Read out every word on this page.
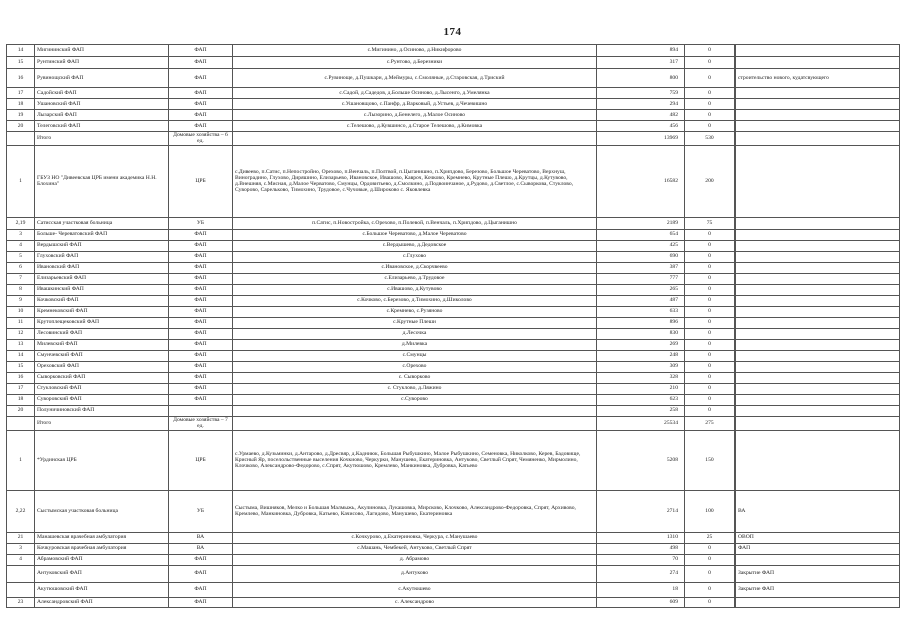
174
14	Мигининский ФАП	ФАП	с.Мигинино, д.Осиново, д.Никифорово	894	0		
15	Рунтинский ФАП	ФАП	с.Рунтово, д.Березники	317	0		
16	Рувинощский ФАП	ФАП	с.Рувиноще, д.Пушкари, д.Меймуры, с.Смоляные, д.Старовская, д.Триский	800	0		строительство нового, кудатсвующего
17	Садойский ФАП	ФАП	с.Садой, д.Садедов, д.Больше Осиново, д.Лысенго, д.Умелянка	759	0		
18	Ушановский ФАП	ФАП	с.Ушановщово, с.Панфр, д.Варковый, д.Устьев, д.Чечевишно	294	0		
19	Лызарский ФАП	ФАП	с.Лызорино, д.Бенелего, д.Малое Осиново	482	0		
20	Телеговский ФАП	ФАП	с.Телешово, д.Кувшинсо, д.Старое Телешово, д.Кимовка	456	0		
	Итого	Домовые хозяйства – 6 ед.		13969	530		
1	ГБУЗ НО "Дивеевская ЦРБ имени академика Н.Н. Блохина"	ЦРБ	с.Дивеево, п.Сатис, п.Непостройно, Орехово, п.Венчаль, п.Полтвой, п.Цыганишно, п.Хрипдово, Березово, Большое Череватово, Верхнуш, Виноградино, Глухово, Диряшино, Елизарьево, Ивановское, Ивашово, Кавроч, Кочково, Кремнево, Крутные Плешо, д.Крутцы, д.Кутувово, д.Внешняя, с.Мисная, д.Малое Черватово, Смунцы, Ордовитьево, д.Смолкино, д.Подвоинчаное, д.Рудово, д.Светлое, с.Сыворкова, Стуклово, Суворово, Сарельково, Тимохино, Трудовое, с.Чучовые, д.Широково с. Яковлевка	16582	200		
2,19	Сатисская участковая больница	УБ	п.Сатис, п.Новостройка, с.Орехово, п.Полевой, п.Венчаль, п.Хрипдово, д.Цыганишно	2189	75		
3	Больше- Череватовский ФАП	ФАП	с.Большое Череватово, д.Малое Череватово	654	0		
4	Вердышский ФАП	ФАП	с.Вердышево, д.Дедовское	425	0		
5	Глуховский ФАП	ФАП	с.Глухово	690	0		
6	Ивановский ФАП	ФАП	с.Ивановское, д.Скорчвеево	387	0		
7	Елизарьевский ФАП	ФАП	с.Елизарьево, д.Трудовое	777	0		
8	Ивашкинский ФАП	ФАП	с.Ивашово, д.Кутувово	265	0		
9	Кочковский ФАП	ФАП	с.Кочково, с.Березово, д.Тимохино, д.Шиколово	487	0		
10	Кремнековский ФАП	ФАП	с.Кремнево, с.Рузяново	633	0		
11	Крутоплещековский ФАП	ФАП	с.Крутные Плеши	896	0		
12	Лесовинский ФАП	ФАП	д.Лесочка	830	0		
13	Милевский ФАП	ФАП	д.Милевка	269	0		
14	Смунчевский ФАП	ФАП	с.Смунцы	248	0		
15	Ореховский ФАП	ФАП	с.Орехово	309	0		
16	Сыворковский ФАП	ФАП	с. Сыворково	328	0		
17	Стукловский ФАП	ФАП	с. Стуклово, д.Ляжино	210	0		
18	Суворовский ФАП	ФАП	с.Суворово	623	0		
20	Полуничиновский ФАП			258	0		
	Итого	Домовые хозяйства – 7 ед.		25534	275		
1	*Урдинская ЦРБ	ЦРБ	с.Урмаево, д.Кузьминки, д.Антарово, д.Дресвяр, д.Кадниюк, Большая Рыбушкино, Малое Рыбушкино, Семеновка, Николково, Керев, Бадовище, Крисный Яр, поселольственные выселения Кочкиово, Черкурки, Манушево, Екатериновка, Антуково, Светлый Спрят, Чемяненко, Мирмолино, Клочково, Александрово-Федорово, с.Спрят, Акутюшово, Кремлево, Манкиновка, Дубровка, Катьево	5208	150		
2,22	Сыстымская участковая больница	УБ	Сыстыма, Вишняков, Мелко и Большая Малмыжь, Акулиновка, Лукашовка, Мирсково, Клочково, Александрово-Федоровка, Спрят, Архивово, Кремлево, Манкиновка, Дубровка, Катьево, Качисово, Лагидово, Манушево, Екатериновка	2714	100		ВА
21	Манашевская врачебная амбулатория	ВА	с.Кочкурово, д.Екатериновка, Черкура, с.Манушаево	1310	25		ОВОП
3	Кочкуровская врачебная амбулатория	ВА	с.Машань, Чембекей, Антуково, Светлый Спрят	498	0		ФАП
4	Абрамовский ФАП	ФАП	д. Абрамово	70	0		
	Антуковский ФАП	ФАП	д.Антуково	274	0		Закрытие ФАП
	Акутюшовский ФАП	ФАП	с.Акутюшево	18	0		Закрытие ФАП
23	Александровский ФАП	ФАП	с. Александрово	609	0		
